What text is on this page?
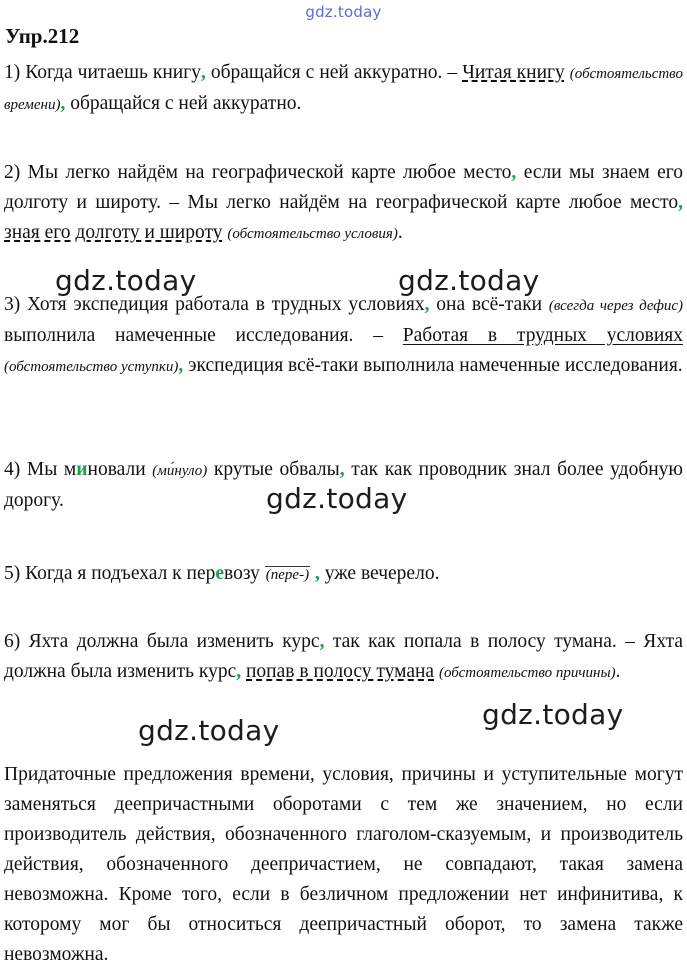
gdz.today
Упр.212

1) Когда читаешь книгу, обращайся с ней аккуратно. – Читая книгу (обстоятельство времени), обращайся с ней аккуратно.

2) Мы легко найдём на географической карте любое место, если мы знаем его долготу и широту. – Мы легко найдём на географической карте любое место, зная его долготу и широту (обстоятельство условия).

3) Хотя экспедиция работала в трудных условиях, она всё-таки (всегда через дефис) выполнила намеченные исследования. – Работая в трудных условиях (обстоятельство уступки), экспедиция всё-таки выполнила намеченные исследования.

4) Мы миновали (ми́нуло) крутые обвалы, так как проводник знал более удобную дорогу.

5) Когда я подъехал к перевозу (пере-) , уже вечерело.

6) Яхта должна была изменить курс, так как попала в полосу тумана. – Яхта должна была изменить курс, попав в полосу тумана (обстоятельство причины).

Придаточные предложения времени, условия, причины и уступительные могут заменяться деепричастными оборотами с тем же значением, но если производитель действия, обозначенного глаголом-сказуемым, и производитель действия, обозначенного деепричастием, не совпадают, такая замена невозможна. Кроме того, если в безличном предложении нет инфинитива, к которому мог бы относиться деепричастный оборот, то замена также невозможна.

gdz.today	gdz.today
gdz.today
gdz.today
gdz.today
